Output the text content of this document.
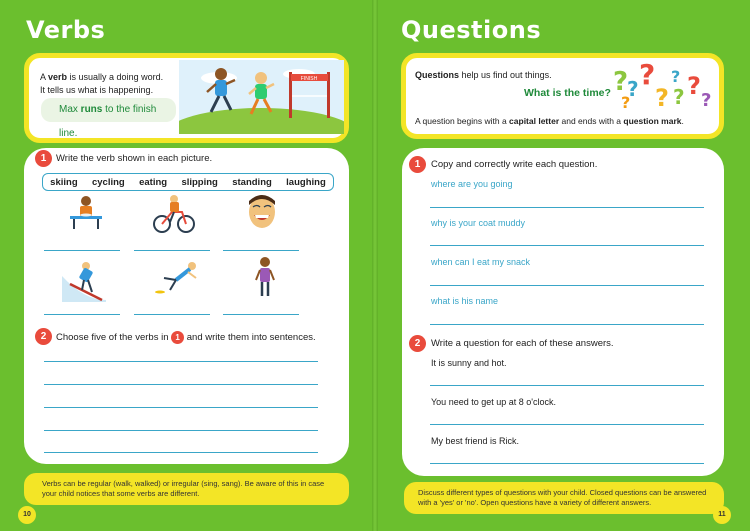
Verbs
A verb is usually a doing word.
It tells us what is happening.
Max runs to the finish line.
FINISH
1	Write the verb shown in each picture.
skiing cycling eating slipping standing laughing
2	Choose five of the verbs in 1 and write them into sentences.
Verbs can be regular (walk, walked) or irregular (sing, sang). Be aware of this in case your child notices that some verbs are different.
10
Questions
Questions help us find out things.
What is the time?
A question begins with a capital letter and ends with a question mark.
?
? ?
? ?
?
? ?
?
1	Copy and correctly write each question.
where are you going
why is your coat muddy
when can I eat my snack
what is his name
2	Write a question for each of these answers.
It is sunny and hot.
You need to get up at 8 o'clock.
My best friend is Rick.
Discuss different types of questions with your child. Closed questions can be answered with a 'yes' or 'no'. Open questions have a variety of different answers.
11
